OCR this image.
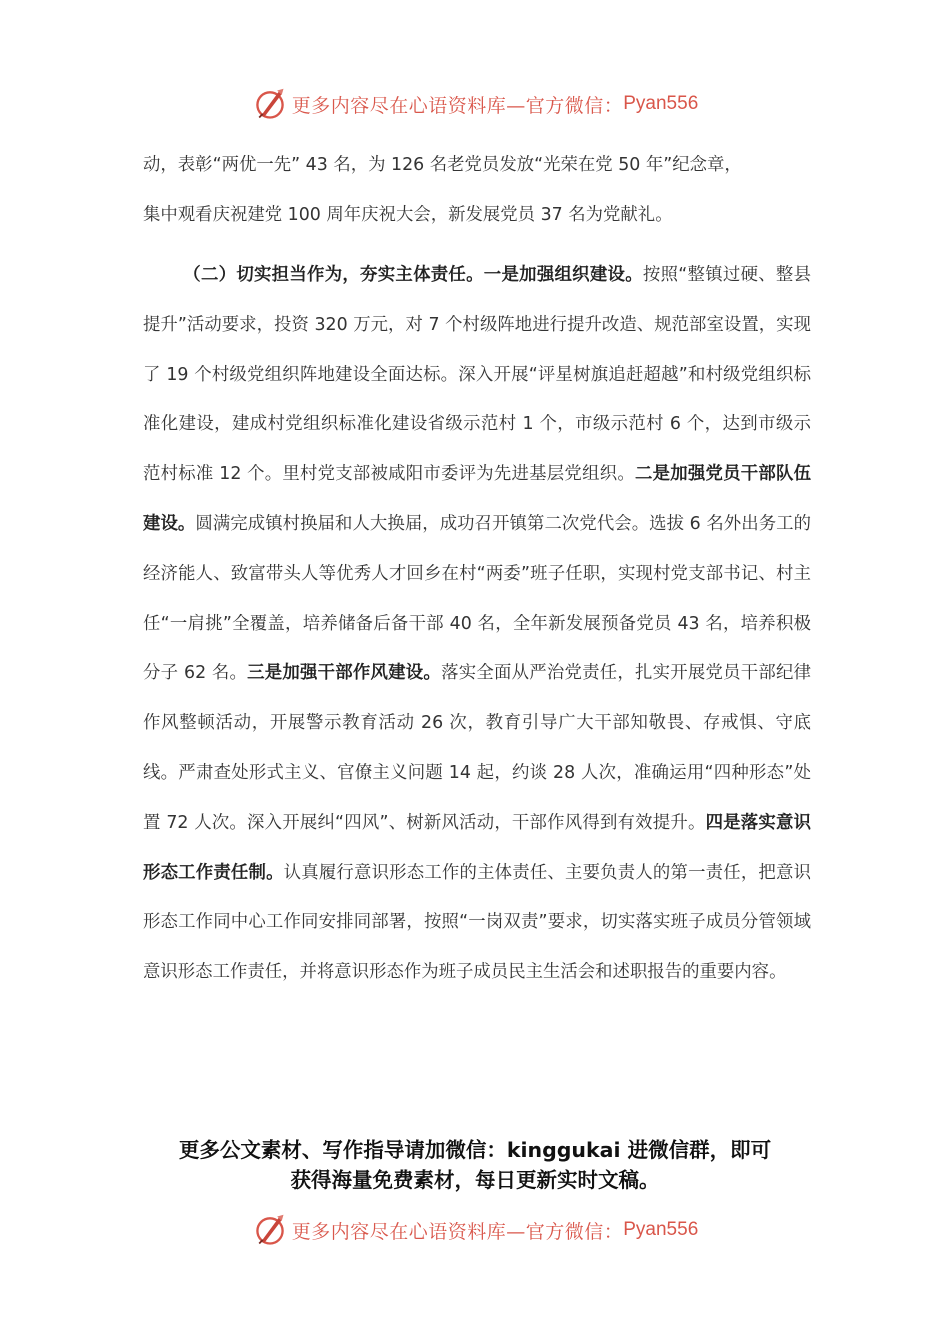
更多内容尽在心语资料库—官方微信： Pyan556

动，表彰“两优一先” 43 名，为 126 名老党员发放“光荣在党 50 年”纪念章，

集中观看庆祝建党 100 周年庆祝大会，新发展党员 37 名为党献礼。

（二）切实担当作为，夯实主体责任。一是加强组织建设。按照“整镇过硬、整县提升”活动要求，投资 320 万元，对 7 个村级阵地进行提升改造、规范部室设置，实现了 19 个村级党组织阵地建设全面达标。深入开展“评星树旗追赶超越”和村级党组织标准化建设，建成村党组织标准化建设省级示范村 1 个，市级示范村 6 个，达到市级示范村标准 12 个。里村党支部被咸阳市委评为先进基层党组织。二是加强党员干部队伍建设。圆满完成镇村换届和人大换届，成功召开镇第二次党代会。选拔 6 名外出务工的经济能人、致富带头人等优秀人才回乡在村“两委”班子任职，实现村党支部书记、村主任“一肩挑”全覆盖，培养储备后备干部 40 名，全年新发展预备党员 43 名，培养积极分子 62 名。三是加强干部作风建设。落实全面从严治党责任，扎实开展党员干部纪律作风整顿活动，开展警示教育活动 26 次，教育引导广大干部知敬畏、存戒惧、守底线。严肃查处形式主义、官僚主义问题 14 起，约谈 28 人次，准确运用“四种形态”处置 72 人次。深入开展纠“四风”、树新风活动，干部作风得到有效提升。四是落实意识形态工作责任制。认真履行意识形态工作的主体责任、主要负责人的第一责任，把意识形态工作同中心工作同安排同部署，按照“一岗双责”要求，切实落实班子成员分管领域意识形态工作责任，并将意识形态作为班子成员民主生活会和述职报告的重要内容。

更多公文素材、写作指导请加微信：kinggukai 进微信群，即可
获得海量免费素材，每日更新实时文稿。
更多内容尽在心语资料库—官方微信： Pyan556
